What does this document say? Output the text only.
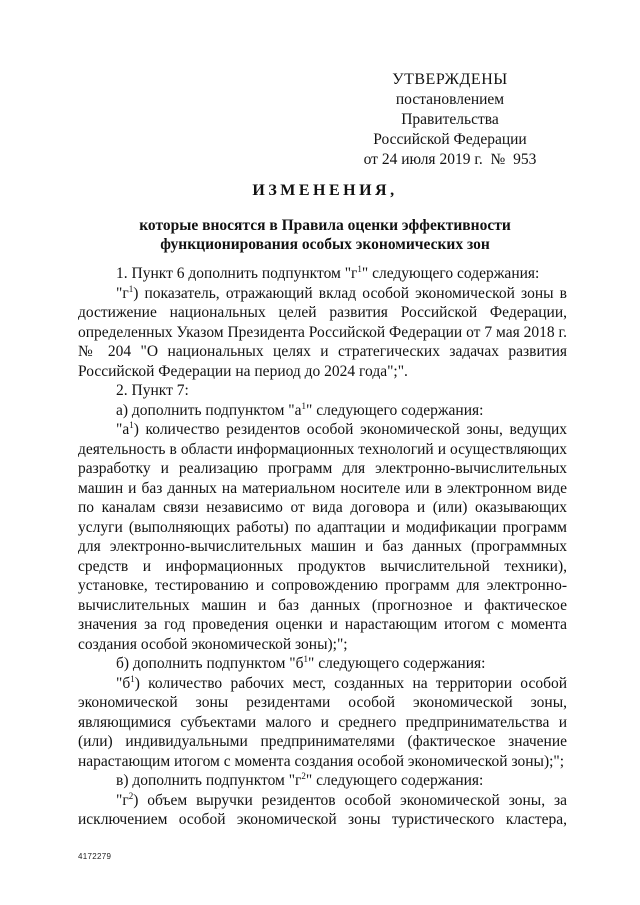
УТВЕРЖДЕНЫ
постановлением Правительства
Российской Федерации
от 24 июля 2019 г.  №  953
ИЗМЕНЕНИЯ,
которые вносятся в Правила оценки эффективности
функционирования особых экономических зон

1. Пункт 6 дополнить подпунктом "$г^1$" следующего содержания:

"$г^1$) показатель, отражающий вклад особой экономической зоны в достижение национальных целей развития Российской Федерации, определенных Указом Президента Российской Федерации от 7 мая 2018 г. № 204 "О национальных целях и стратегических задачах развития Российской Федерации на период до 2024 года";".

2. Пункт 7:

а) дополнить подпунктом "$а^1$" следующего содержания:

"$а^1$) количество резидентов особой экономической зоны, ведущих деятельность в области информационных технологий и осуществляющих разработку и реализацию программ для электронно-вычислительных машин и баз данных на материальном носителе или в электронном виде по каналам связи независимо от вида договора и (или) оказывающих услуги (выполняющих работы) по адаптации и модификации программ для электронно-вычислительных машин и баз данных (программных средств и информационных продуктов вычислительной техники), установке, тестированию и сопровождению программ для электронно-вычислительных машин и баз данных (прогнозное и фактическое значения за год проведения оценки и нарастающим итогом с момента создания особой экономической зоны);";

б) дополнить подпунктом "$б^1$" следующего содержания:

"$б^1$) количество рабочих мест, созданных на территории особой экономической зоны резидентами особой экономической зоны, являющимися субъектами малого и среднего предпринимательства и (или) индивидуальными предпринимателями (фактическое значение нарастающим итогом с момента создания особой экономической зоны);";

в) дополнить подпунктом "$г^2$" следующего содержания:

"$г^2$) объем выручки резидентов особой экономической зоны, за исключением особой экономической зоны туристического кластера,

4172279
